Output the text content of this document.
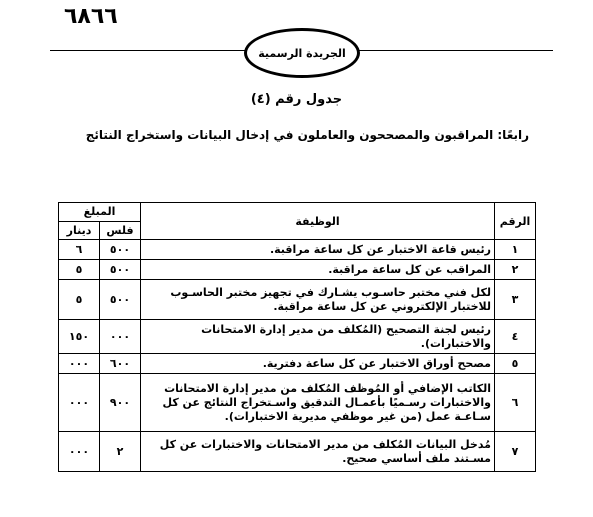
٦٨٦٦
الجريدة الرسمية
جدول رقم (٤)
رابعًا: المراقبون والمصححون والعاملون في إدخال البيانات واستخراج النتائج
الرقم	الوظيفة	المبلغ	
		فلس	دينار
١	رئيس قاعة الاختبار عن كل ساعة مراقبة.	٥٠٠	٦
٢	المراقب عن كل ساعة مراقبة.	٥٠٠	٥
٣	لكل فني مختبر حاسـوب يشـارك في تجهيز مختبر الحاسـوب للاختبار الإلكتروني عن كل ساعة مراقبة.	٥٠٠	٥
٤	رئيس لجنة التصحيح (المُكلف من مدير إدارة الامتحانات والاختبارات).	٠٠٠	١٥٠
٥	مصحح أوراق الاختبار عن كل ساعة دفترية.	٦٠٠	٠٠٠
٦	الكاتب الإضافي أو المُوظف المُكلف من مدير إدارة الامتحانات والاختبارات رسـميًا بأعمـال التدقيق واسـتخراج النتائج عن كل سـاعـة عمل (من غير موظفي مديرية الاختبارات).	٩٠٠	٠٠٠
٧	مُدخل البيانات المُكلف من مدير الامتحانات والاختبارات عن كل مسـتند ملف أساسي صحيح.	٢	٠٠٠
